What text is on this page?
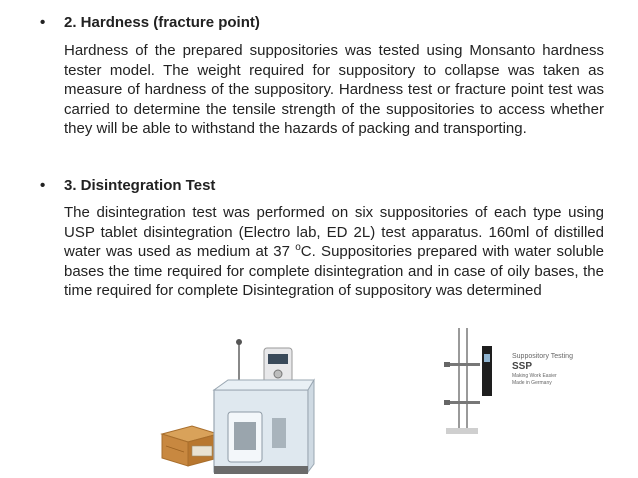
• 2. Hardness (fracture point)
Hardness of the prepared suppositories was tested using Monsanto hardness tester model. The weight required for suppository to collapse was taken as measure of hardness of the suppository. Hardness test or fracture point test was carried to determine the tensile strength of the suppositories to access whether they will be able to withstand the hazards of packing and transporting.
• 3. Disintegration Test
The disintegration test was performed on six suppositories of each type using USP tablet disintegration (Electro lab, ED 2L) test apparatus. 160ml of distilled water was used as medium at 37 $^o$C. Suppositories prepared with water soluble bases the time required for complete disintegration and in case of oily bases, the time required for complete Disintegration of suppository was determined
Suppository Testing
SSP
Making Work Easier
Made in Germany
